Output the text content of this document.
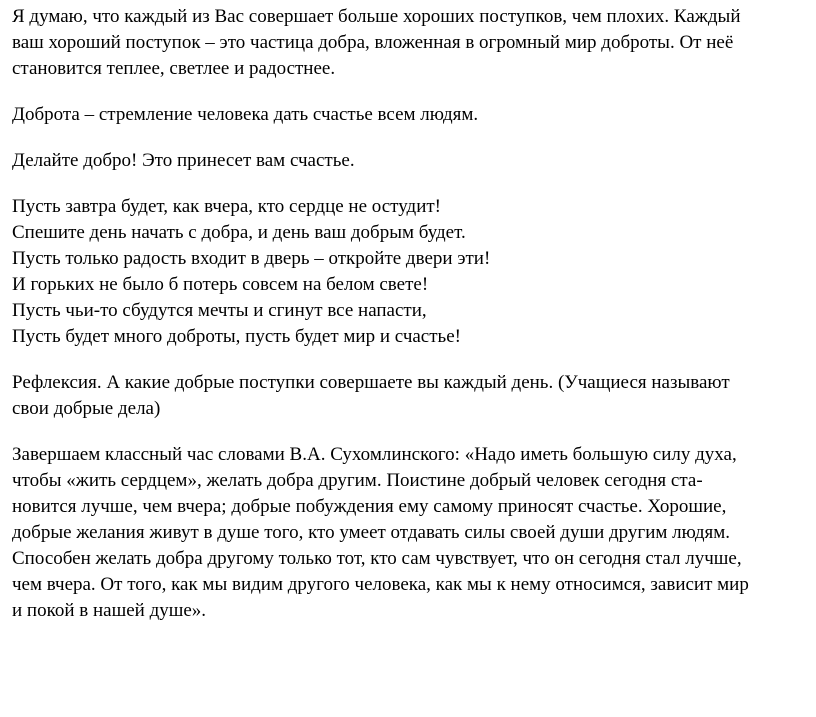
Я думаю, что каждый из Вас совершает больше хороших поступков, чем плохих. Каждый
ваш хороший поступок – это частица добра, вложенная в огромный мир доброты. От неё
становится теплее, светлее и радостнее.

Доброта – стремление человека дать счастье всем людям.

Делайте добро! Это принесет вам счастье.

Пусть завтра будет, как вчера, кто сердце не остудит!
Спешите день начать с добра, и день ваш добрым будет.
Пусть только радость входит в дверь – откройте двери эти!
И горьких не было б потерь совсем на белом свете!
Пусть чьи-то сбудутся мечты и сгинут все напасти,
Пусть будет много доброты, пусть будет мир и счастье!

Рефлексия. А какие добрые поступки совершаете вы каждый день. (Учащиеся называют
свои добрые дела)

Завершаем классный час словами В.А. Сухомлинского: «Надо иметь большую силу духа,
чтобы «жить сердцем», желать добра другим. Поистине добрый человек сегодня ста-
новится лучше, чем вчера; добрые побуждения ему самому приносят счастье. Хорошие,
добрые желания живут в душе того, кто умеет отдавать силы своей души другим людям.
Способен желать добра другому только тот, кто сам чувствует, что он сегодня стал лучше,
чем вчера. От того, как мы видим другого человека, как мы к нему относимся, зависит мир
и покой в нашей душе».
